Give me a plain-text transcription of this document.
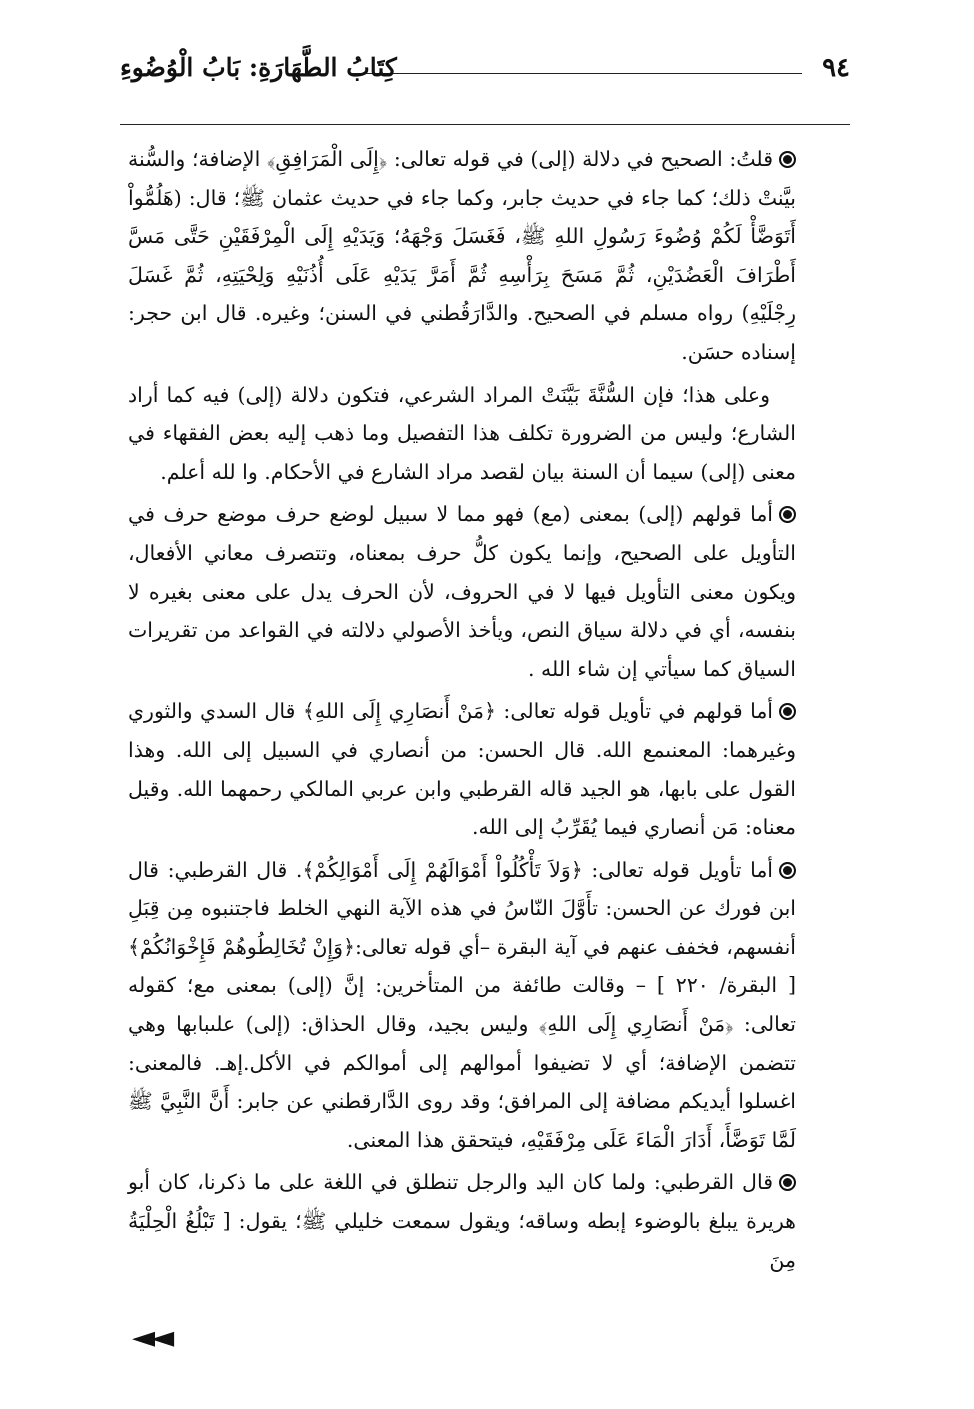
٩٤
كِتَابُ الطَّهَارَةِ: بَابُ الْوُضُوءِ

قلتُ: الصحيح في دلالة (إلى) في قوله تعالى: ﴿إِلَى الْمَرَافِقِ﴾ الإضافة؛ والسُّنة بيَّنتْ ذلك؛ كما جاء في حديث جابر، وكما جاء في حديث عثمان ﷺ؛ قال: (هَلُمُّواْ أَتَوَضَّأْ لَكُمْ وُضُوءَ رَسُولِ اللهِ ﷺ، فَغَسَلَ وَجْهَهُ؛ وَيَدَيْهِ إِلَى الْمِرْفَقَيْنِ حَتَّى مَسَّ أَطْرَافَ الْعَضُدَيْنِ، ثُمَّ مَسَحَ بِرَأْسِهِ ثُمَّ أَمَرَّ يَدَيْهِ عَلَى أُذُنَيْهِ وَلِحْيَتِهِ، ثُمَّ غَسَلَ رِجْلَيْهِ) رواه مسلم في الصحيح. والدَّارَقُطني في السنن؛ وغيره. قال ابن حجر: إسناده حسَن.

وعلى هذا؛ فإن السُّنَّةَ بَيَّنَتْ المراد الشرعي، فتكون دلالة (إلى) فيه كما أراد الشارع؛ وليس من الضرورة تكلف هذا التفصيل وما ذهب إليه بعض الفقهاء في معنى (إلى) سيما أن السنة بيان لقصد مراد الشارع في الأحكام. وا لله أعلم.

أما قولهم (إلى) بمعنى (مع) فهو مما لا سبيل لوضع حرف موضع حرف في التأويل على الصحيح، وإنما يكون كلُّ حرف بمعناه، وتتصرف معاني الأفعال، ويكون معنى التأويل فيها لا في الحروف، لأن الحرف يدل على معنى بغيره لا بنفسه، أي في دلالة سياق النص، ويأخذ الأصولي دلالته في القواعد من تقريرات السياق كما سيأتي إن شاء الله .

أما قولهم في تأويل قوله تعالى: ﴿مَنْ أَنصَارِي إِلَى اللهِ﴾ قال السدي والثوري وغيرهما: المعنىمع الله. قال الحسن: من أنصاري في السبيل إلى الله. وهذا القول على بابها، هو الجيد قاله القرطبي وابن عربي المالكي رحمهما الله. وقيل معناه: مَن أنصاري فيما يُقَرِّبُ إلى الله.

أما تأويل قوله تعالى: ﴿وَلاَ تَأْكُلُواْ أَمْوَالَهُمْ إِلَى أَمْوَالِكُمْ﴾. قال القرطبي: قال ابن فورك عن الحسن: تأَوَّلَ النّاسُ في هذه الآية النهي الخلط فاجتنبوه مِن قِبَلِ أنفسهم، فخفف عنهم في آية البقرة –أي قوله تعالى:﴿وَإِنْ تُخَالِطُوهُمْ فَإِخْوَانُكُمْ﴾ [ البقرة/ ٢٢٠ ] – وقالت طائفة من المتأخرين: إنَّ (إلى) بمعنى مع؛ كقوله تعالى: ﴿مَنْ أَنصَارِي إِلَى اللهِ﴾ وليس بجيد، وقال الحذاق: (إلى) علىبابها وهي تتضمن الإضافة؛ أي لا تضيفوا أموالهم إلى أموالكم في الأكل.إهـ. فالمعنى: اغسلوا أيديكم مضافة إلى المرافق؛ وقد روى الدَّارقطني عن جابر: أَنَّ النَّبِيَّ ﷺ لَمَّا تَوَضَّأَ، أَدَارَ الْمَاءَ عَلَى مِرْفَقَيْهِ، فيتحقق هذا المعنى.

قال القرطبي: ولما كان اليد والرجل تنطلق في اللغة على ما ذكرنا، كان أبو هريرة يبلغ بالوضوء إبطه وساقه؛ ويقول سمعت خليلي ﷺ؛ يقول: [ تَبْلُغُ الْحِلْيَةُ مِنَ

◄◄
